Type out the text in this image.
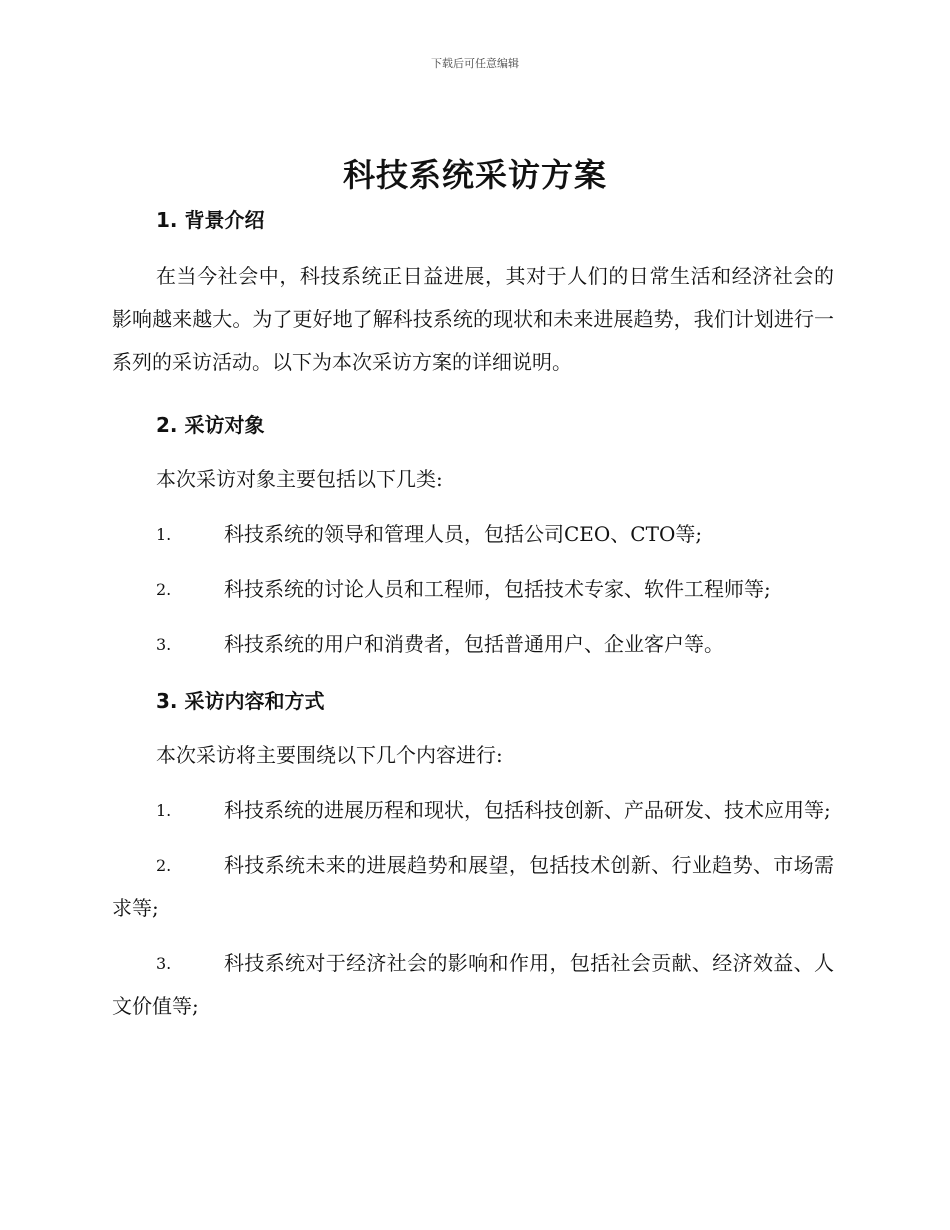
下载后可任意编辑
科技系统采访方案
1. 背景介绍

在当今社会中，科技系统正日益进展，其对于人们的日常生活和经济社会的影响越来越大。为了更好地了解科技系统的现状和未来进展趋势，我们计划进行一系列的采访活动。以下为本次采访方案的详细说明。

2. 采访对象

本次采访对象主要包括以下几类:

1.	科技系统的领导和管理人员，包括公司CEO、CTO等;
2.	科技系统的讨论人员和工程师，包括技术专家、软件工程师等;
3.	科技系统的用户和消费者，包括普通用户、企业客户等。
3. 采访内容和方式

本次采访将主要围绕以下几个内容进行:

1.	科技系统的进展历程和现状，包括科技创新、产品研发、技术应用等;
2.	科技系统未来的进展趋势和展望，包括技术创新、行业趋势、市场需求等;
3.	科技系统对于经济社会的影响和作用，包括社会贡献、经济效益、人文价值等;
